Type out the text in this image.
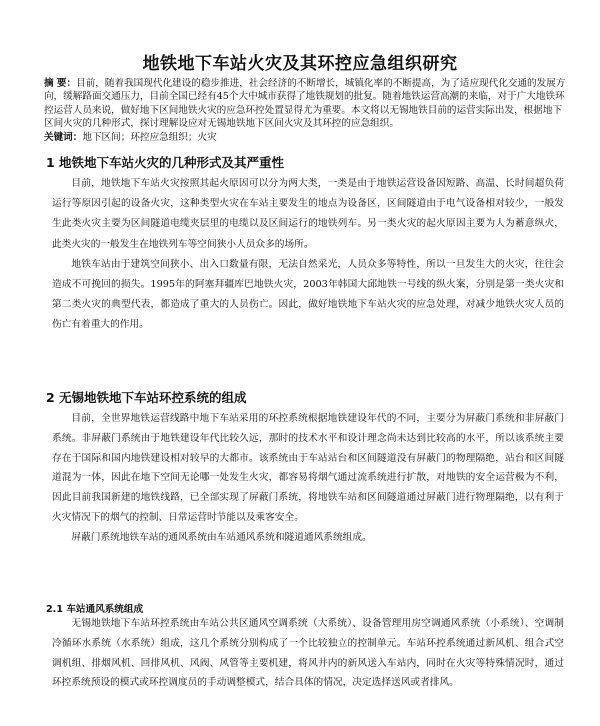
地铁地下车站火灾及其环控应急组织研究
摘 要：目前，随着我国现代化建设的稳步推进，社会经济的不断增长，城镇化率的不断提高，为了适应现代化交通的发展方向，缓解路面交通压力，目前全国已经有45个大中城市获得了地铁规划的批复。随着地铁运营高潮的来临，对于广大地铁环控运营人员来说，做好地下区间地铁火灾的应急环控处置显得尤为重要。本文将以无锡地铁目前的运营实际出发，根据地下区间火灾的几种形式，探讨理解设应对无锡地铁地下区间火灾及其环控的应急组织。
关键词：地下区间；环控应急组织；火灾
1 地铁地下车站火灾的几种形式及其严重性

目前，地铁地下车站火灾按照其起火原因可以分为两大类，一类是由于地铁运营设备因短路、高温、长时间超负荷运行等原因引起的设备火灾，这种类型火灾在车站主要发生的地点为设备区，区间隧道由于电气设备相对较少，一般发生此类火灾主要为区间隧道电缆夹层里的电缆以及区间运行的地铁列车。另一类火灾的起火原因主要为人为蓄意纵火，此类火灾的一般发生在地铁列车等空间狭小人员众多的场所。

地铁车站由于建筑空间狭小、出入口数量有限，无法自然采光，人员众多等特性，所以一旦发生大的火灾，往往会造成不可挽回的损失。1995年的阿塞拜疆库巴地铁火灾，2003年韩国大邱地铁一号线的纵火案，分别是第一类火灾和第二类火灾的典型代表，都造成了重大的人员伤亡。因此，做好地铁地下车站火灾的应急处理，对减少地铁火灾人员的伤亡有着重大的作用。

2 无锡地铁地下车站环控系统的组成

目前，全世界地铁运营线路中地下车站采用的环控系统根据地铁建设年代的不同，主要分为屏蔽门系统和非屏蔽门系统。非屏蔽门系统由于地铁建设年代比较久远，那时的技术水平和设计理念尚未达到比较高的水平，所以该系统主要存在于国际和国内地铁建设相对较早的大都市。该系统由于车站站台和区间隧道没有屏蔽门的物理隔绝，站台和区间隧道混为一体，因此在地下空间无论哪一处发生火灾，都容易将烟气通过流系统进行扩散，对地铁的安全运营极为不利，因此目前我国新建的地铁线路，已全部实现了屏蔽门系统，将地铁车站和区间隧道通过屏蔽门进行物理隔绝，以有利于火灾情况下的烟气的控制、日常运营时节能以及乘客安全。

屏蔽门系统地铁车站的通风系统由车站通风系统和隧道通风系统组成。

2.1 车站通风系统组成

无锡地铁地下车站环控系统由车站公共区通风空调系统（大系统）、设备管理用房空调通风系统（小系统）、空调制冷循环水系统（水系统）组成，这几个系统分别构成了一个比较独立的控制单元。车站环控系统通过新风机、组合式空调机组、排烟风机、回排风机、风阀、风管等主要机建，将风井内的新风送入车站内，同时在火灾等特殊情况时，通过环控系统预设的模式或环控调度员的手动调整模式，结合具体的情况，决定选择送风或者排风。
